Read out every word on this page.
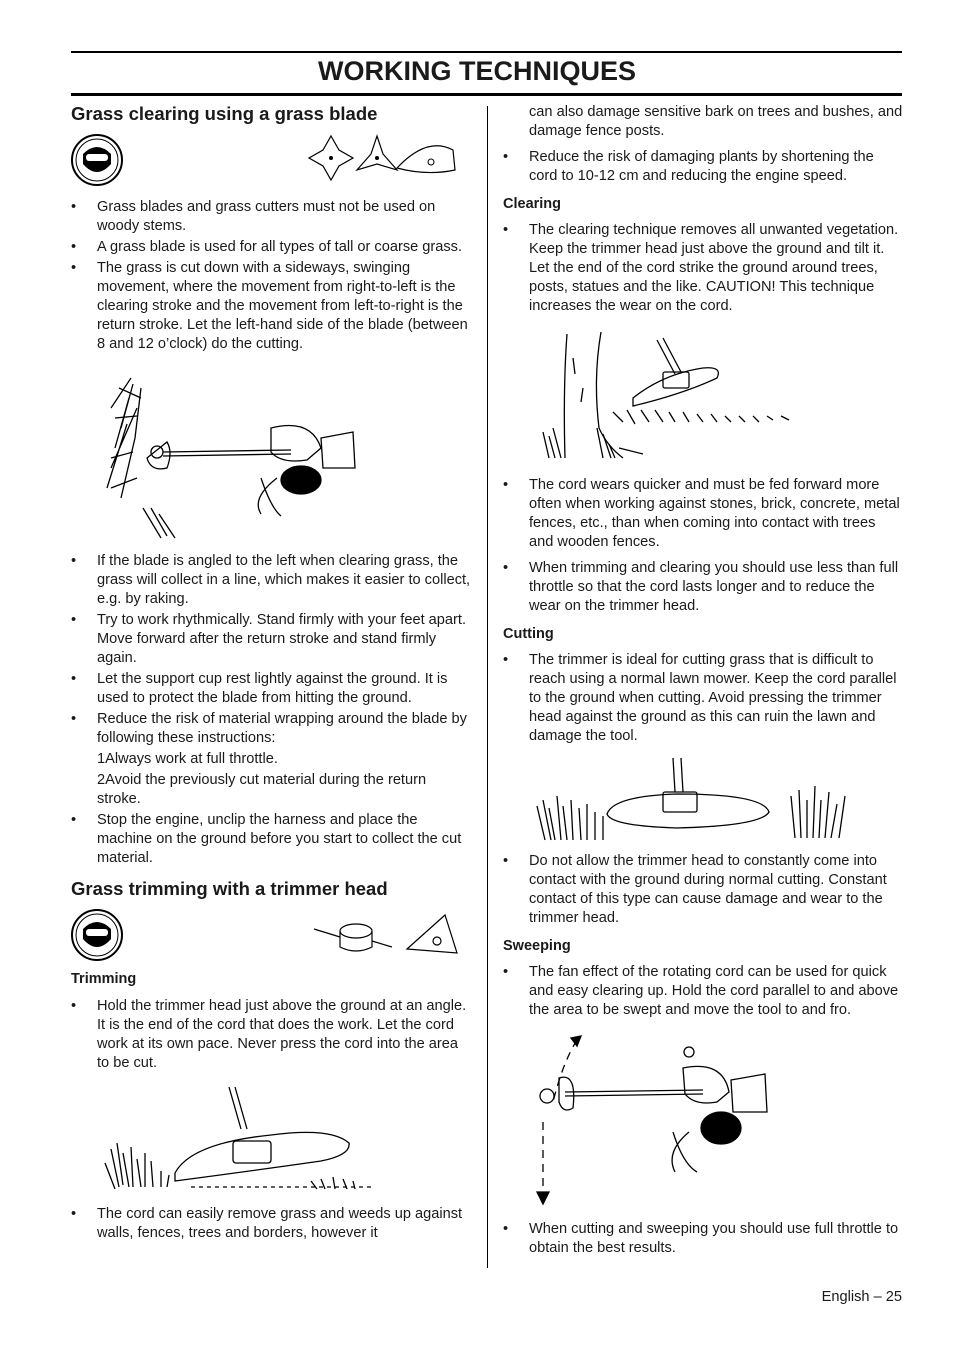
WORKING TECHNIQUES
Grass clearing using a grass blade
• Grass blades and grass cutters must not be used on woody stems.
• A grass blade is used for all types of tall or coarse grass.
• The grass is cut down with a sideways, swinging movement, where the movement from right-to-left is the clearing stroke and the movement from left-to-right is the return stroke. Let the left-hand side of the blade (between 8 and 12 o’clock) do the cutting.
• If the blade is angled to the left when clearing grass, the grass will collect in a line, which makes it easier to collect, e.g. by raking.
• Try to work rhythmically. Stand firmly with your feet apart. Move forward after the return stroke and stand firmly again.
• Let the support cup rest lightly against the ground. It is used to protect the blade from hitting the ground.
• Reduce the risk of material wrapping around the blade by following these instructions:
1Always work at full throttle.
2Avoid the previously cut material during the return stroke.
• Stop the engine, unclip the harness and place the machine on the ground before you start to collect the cut material.
Grass trimming with a trimmer head
Trimming
• Hold the trimmer head just above the ground at an angle. It is the end of the cord that does the work. Let the cord work at its own pace. Never press the cord into the area to be cut.
• The cord can easily remove grass and weeds up against walls, fences, trees and borders, however it
can also damage sensitive bark on trees and bushes, and damage fence posts.
• Reduce the risk of damaging plants by shortening the cord to 10-12 cm and reducing the engine speed.
Clearing
• The clearing technique removes all unwanted vegetation. Keep the trimmer head just above the ground and tilt it. Let the end of the cord strike the ground around trees, posts, statues and the like. CAUTION! This technique increases the wear on the cord.
• The cord wears quicker and must be fed forward more often when working against stones, brick, concrete, metal fences, etc., than when coming into contact with trees and wooden fences.
• When trimming and clearing you should use less than full throttle so that the cord lasts longer and to reduce the wear on the trimmer head.
Cutting
• The trimmer is ideal for cutting grass that is difficult to reach using a normal lawn mower. Keep the cord parallel to the ground when cutting. Avoid pressing the trimmer head against the ground as this can ruin the lawn and damage the tool.
• Do not allow the trimmer head to constantly come into contact with the ground during normal cutting. Constant contact of this type can cause damage and wear to the trimmer head.
Sweeping
• The fan effect of the rotating cord can be used for quick and easy clearing up. Hold the cord parallel to and above the area to be swept and move the tool to and fro.
• When cutting and sweeping you should use full throttle to obtain the best results.
English – 25
